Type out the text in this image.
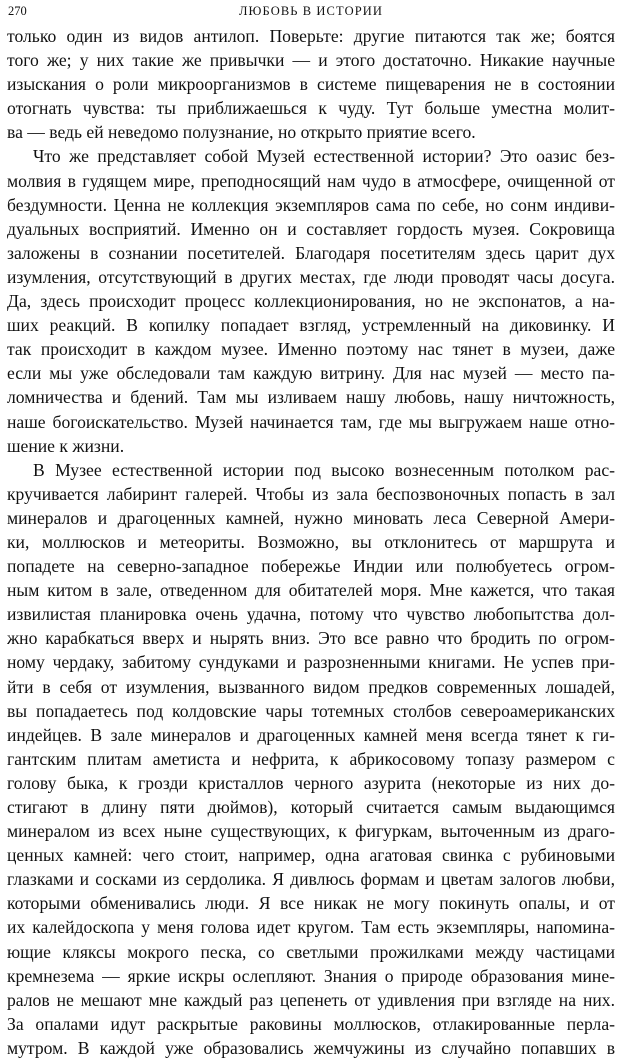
270	ЛЮБОВЬ В ИСТОРИИ
только один из видов антилоп. Поверьте: другие питаются так же; боятся
того же; у них такие же привычки — и этого достаточно. Никакие научные
изыскания о роли микроорганизмов в системе пищеварения не в состоянии
отогнать чувства: ты приближаешься к чуду. Тут больше уместна молит-
ва — ведь ей неведомо полузнание, но открыто приятие всего.
Что же представляет собой Музей естественной истории? Это оазис без-
молвия в гудящем мире, преподносящий нам чудо в атмосфере, очищенной от
бездумности. Ценна не коллекция экземпляров сама по себе, но сонм индиви-
дуальных восприятий. Именно он и составляет гордость музея. Сокровища
заложены в сознании посетителей. Благодаря посетителям здесь царит дух
изумления, отсутствующий в других местах, где люди проводят часы досуга.
Да, здесь происходит процесс коллекционирования, но не экспонатов, а на-
ших реакций. В копилку попадает взгляд, устремленный на диковинку. И
так происходит в каждом музее. Именно поэтому нас тянет в музеи, даже
если мы уже обследовали там каждую витрину. Для нас музей — место па-
ломничества и бдений. Там мы изливаем нашу любовь, нашу ничтожность,
наше богоискательство. Музей начинается там, где мы выгружаем наше отно-
шение к жизни.
В Музее естественной истории под высоко вознесенным потолком рас-
кручивается лабиринт галерей. Чтобы из зала беспозвоночных попасть в зал
минералов и драгоценных камней, нужно миновать леса Северной Амери-
ки, моллюсков и метеориты. Возможно, вы отклонитесь от маршрута и
попадете на северно-западное побережье Индии или полюбуетесь огром-
ным китом в зале, отведенном для обитателей моря. Мне кажется, что такая
извилистая планировка очень удачна, потому что чувство любопытства дол-
жно карабкаться вверх и нырять вниз. Это все равно что бродить по огром-
ному чердаку, забитому сундуками и разрозненными книгами. Не успев при-
йти в себя от изумления, вызванного видом предков современных лошадей,
вы попадаетесь под колдовские чары тотемных столбов североамериканских
индейцев. В зале минералов и драгоценных камней меня всегда тянет к ги-
гантским плитам аметиста и нефрита, к абрикосовому топазу размером с
голову быка, к грозди кристаллов черного азурита (некоторые из них до-
стигают в длину пяти дюймов), который считается самым выдающимся
минералом из всех ныне существующих, к фигуркам, выточенным из драго-
ценных камней: чего стоит, например, одна агатовая свинка с рубиновыми
глазками и сосками из сердолика. Я дивлюсь формам и цветам залогов любви,
которыми обменивались люди. Я все никак не могу покинуть опалы, и от
их калейдоскопа у меня голова идет кругом. Там есть экземпляры, напомина-
ющие кляксы мокрого песка, со светлыми прожилками между частицами
кремнезема — яркие искры ослепляют. Знания о природе образования мине-
ралов не мешают мне каждый раз цепенеть от удивления при взгляде на них.
За опалами идут раскрытые раковины моллюсков, отлакированные перла-
мутром. В каждой уже образовались жемчужины из случайно попавших в
